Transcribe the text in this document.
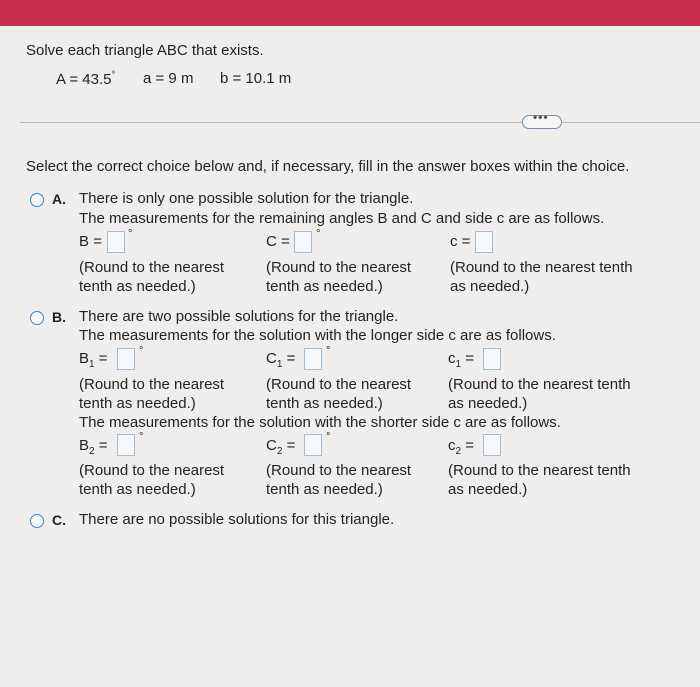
Solve each triangle ABC that exists.
A = 43.5° a = 9 m b = 10.1 m
•••
Select the correct choice below and, if necessary, fill in the answer boxes within the choice.
A. There is only one possible solution for the triangle.
The measurements for the remaining angles B and C and side c are as follows.
B = °	C = °	c =
(Round to the nearest
tenth as needed.)
(Round to the nearest
tenth as needed.)
(Round to the nearest tenth
as needed.)
B. There are two possible solutions for the triangle.
The measurements for the solution with the longer side c are as follows.
$B_1$ =	°	$C_1$ =	°	$c_1$ =
(Round to the nearest
tenth as needed.)
(Round to the nearest
tenth as needed.)
(Round to the nearest tenth
as needed.)
The measurements for the solution with the shorter side c are as follows.
$B_2$ =	°	$C_2$ =	°	$c_2$ =
(Round to the nearest
tenth as needed.)
(Round to the nearest
tenth as needed.)
(Round to the nearest tenth
as needed.)
C. There are no possible solutions for this triangle.
